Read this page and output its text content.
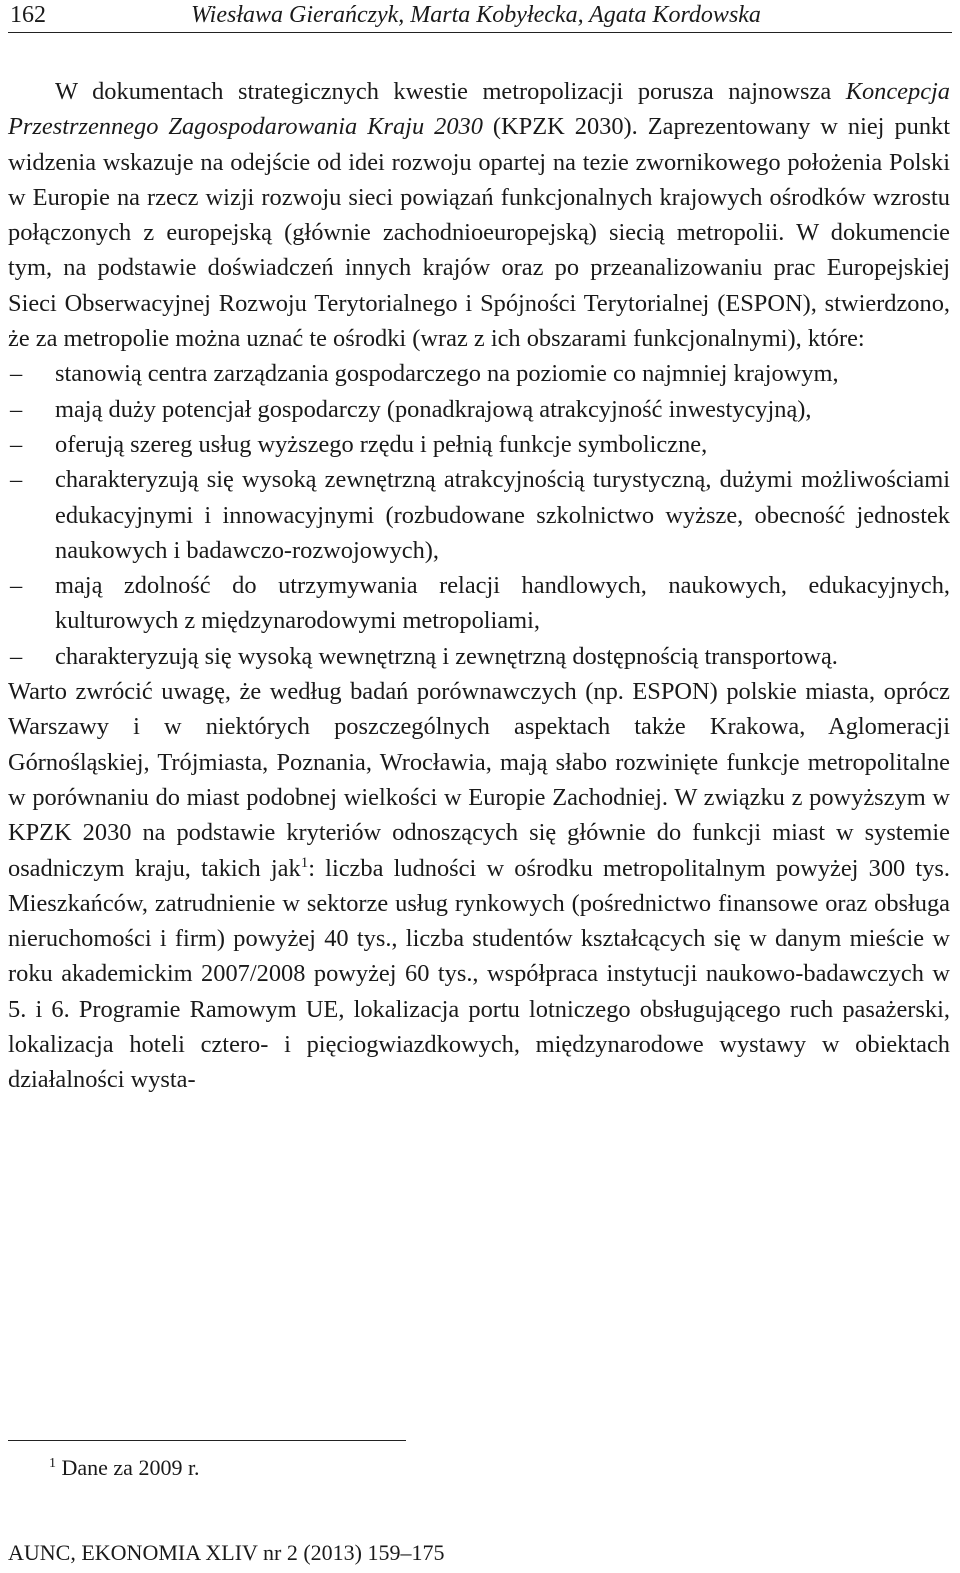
162	Wiesława Gierańczyk, Marta Kobyłecka, Agata Kordowska

W dokumentach strategicznych kwestie metropolizacji porusza najnowsza Koncepcja Przestrzennego Zagospodarowania Kraju 2030 (KPZK 2030). Zaprezentowany w niej punkt widzenia wskazuje na odejście od idei rozwoju opartej na tezie zwornikowego położenia Polski w Europie na rzecz wizji rozwoju sieci powiązań funkcjonalnych krajowych ośrodków wzrostu połączonych z europejską (głównie zachodnioeuropejską) siecią metropolii. W dokumencie tym, na podstawie doświadczeń innych krajów oraz po przeanalizowaniu prac Europejskiej Sieci Obserwacyjnej Rozwoju Terytorialnego i Spójności Terytorialnej (ESPON), stwierdzono, że za metropolie można uznać te ośrodki (wraz z ich obszarami funkcjonalnymi), które:

– stanowią centra zarządzania gospodarczego na poziomie co najmniej krajowym,
– mają duży potencjał gospodarczy (ponadkrajową atrakcyjność inwestycyjną),
– oferują szereg usług wyższego rzędu i pełnią funkcje symboliczne,
– charakteryzują się wysoką zewnętrzną atrakcyjnością turystyczną, dużymi możliwościami edukacyjnymi i innowacyjnymi (rozbudowane szkolnictwo wyższe, obecność jednostek naukowych i badawczo-rozwojowych),
– mają zdolność do utrzymywania relacji handlowych, naukowych, edukacyjnych, kulturowych z międzynarodowymi metropoliami,
– charakteryzują się wysoką wewnętrzną i zewnętrzną dostępnością transportową.

Warto zwrócić uwagę, że według badań porównawczych (np. ESPON) polskie miasta, oprócz Warszawy i w niektórych poszczególnych aspektach także Krakowa, Aglomeracji Górnośląskiej, Trójmiasta, Poznania, Wrocławia, mają słabo rozwinięte funkcje metropolitalne w porównaniu do miast podobnej wielkości w Europie Zachodniej. W związku z powyższym w KPZK 2030 na podstawie kryteriów odnoszących się głównie do funkcji miast w systemie osadniczym kraju, takich jak$^1$: liczba ludności w ośrodku metropolitalnym powyżej 300 tys. Mieszkańców, zatrudnienie w sektorze usług rynkowych (pośrednictwo finansowe oraz obsługa nieruchomości i firm) powyżej 40 tys., liczba studentów kształcących się w danym mieście w roku akademickim 2007/2008 powyżej 60 tys., współpraca instytucji naukowo-badawczych w 5. i 6. Programie Ramowym UE, lokalizacja portu lotniczego obsługującego ruch pasażerski, lokalizacja hoteli cztero- i pięciogwiazdkowych, międzynarodowe wystawy w obiektach działalności wysta-

$^1$ Dane za 2009 r.
AUNC, EKONOMIA XLIV nr 2 (2013) 159–175
